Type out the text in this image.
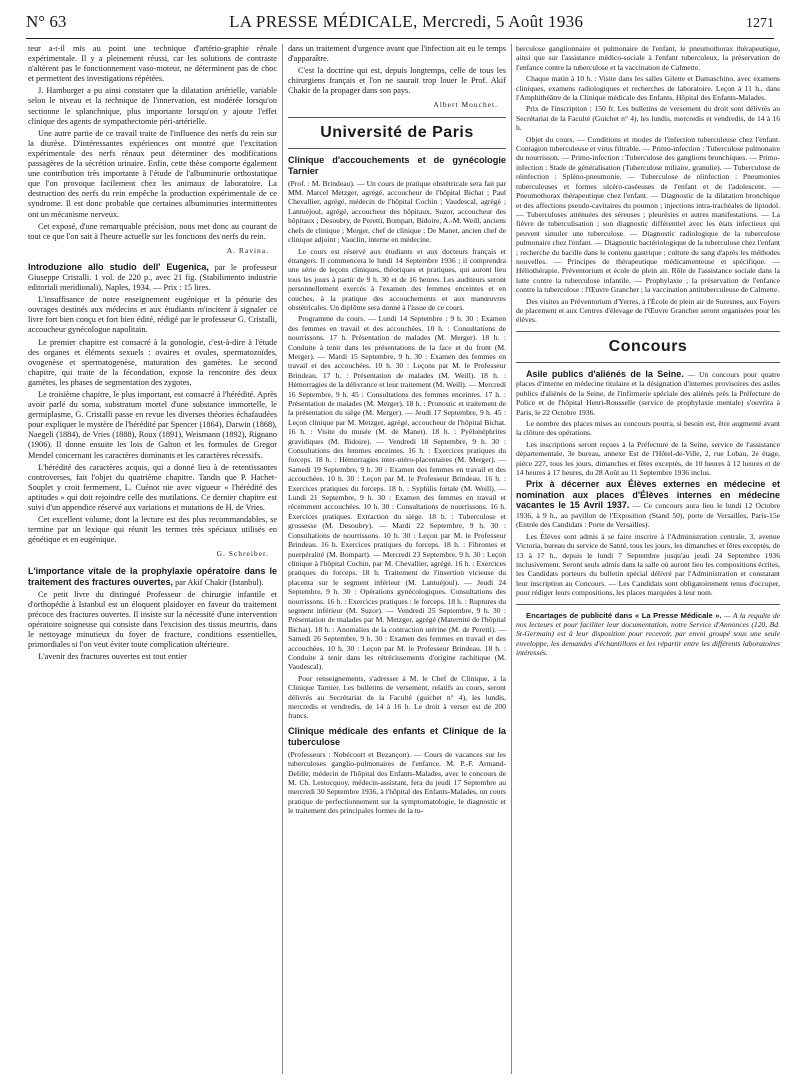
N° 63	LA PRESSE MÉDICALE, Mercredi, 5 Août 1936	1271

teur a-t-il mis au point une technique d'artério-graphie rénale expérimentale. Il y a pleinement réussi, car les solutions de contraste n'altèrent pas le fonctionnement vaso-moteur, ne déterminent pas de choc et permettent des investigations répétées.

J. Hamburger a pu ainsi constater que la dilatation artérielle, variable selon le niveau et la technique de l'innervation, est modérée lorsqu'on sectionne le splanchnique, plus importante lorsqu'on y ajoute l'effet clinique des agents de sympathectomie péri-artérielle.

Une autre partie de ce travail traite de l'influence des nerfs du rein sur la diurèse. D'intéressantes expériences ont montré que l'excitation expérimentale des nerfs rénaux peut déterminer des modifications passagères de la sécrétion urinaire. Enfin, cette thèse comporte également une contribution très importante à l'étude de l'albuminurie orthostatique que l'on provoque facilement chez les animaux de laboratoire. La destruction des nerfs du rein empêche la production expérimentale de ce syndrome. Il est donc probable que certaines albuminuries intermittentes ont un mécanisme nerveux.

Cet exposé, d'une remarquable précision, nous met donc au courant de tout ce que l'on sait à l'heure actuelle sur les fonctions des nerfs du rein.

A. Ravina.

Introduzione allo studio dell' Eugenica, par le professeur Giuseppe Cristalli. 1 vol. de 220 p., avec 21 fig. (Stabilimento industrie editoriali meridionali), Naples, 1934. — Prix : 15 lires.

L'insuffisance de notre enseignement eugénique et la pénurie des ouvrages destinés aux médecins et aux étudiants m'incitent à signaler ce livre fort bien conçu et fort bien édité, rédigé par le professeur G. Cristalli, accoucheur gynécologue napolitain.

Le premier chapitre est consacré à la gonologie, c'est-à-dire à l'étude des organes et éléments sexuels : ovaires et ovules, spermatozoïdes, ovogenèse et spermatogenèse, maturation des gamètes. Le second chapitre, qui traite de la fécondation, expose la rencontre des deux gamètes, les phases de segmentation des zygotes.

Le troisième chapitre, le plus important, est consacré à l'hérédité. Après avoir parlé du soma, substratum mortel d'une substance immortelle, le germiplasme, G. Cristalli passe en revue les diverses théories échafaudées pour expliquer le mystère de l'hérédité par Spencer (1864), Darwin (1868), Naegeli (1884), de Vries (1888), Roux (1891), Weismann (1892), Rignano (1906). Il donne ensuite les lois de Galton et les formules de Gregor Mendel concernant les caractères dominants et les caractères récessifs.

L'hérédité des caractères acquis, qui a donné lieu à de retentissantes controverses, fait l'objet du quatrième chapitre. Tandis que P. Hachet-Souplet y croit fermement, L. Cuénot nie avec vigueur « l'hérédité des aptitudes » qui doit rejoindre celle des mutilations. Ce dernier chapitre est suivi d'un appendice réservé aux variations et mutations de H. de Vries.

Cet excellent volume, dont la lecture est des plus recommandables, se termine par un lexique qui réunit les termes très spéciaux utilisés en génétique et en eugénique.

G. Schreiber.

L'importance vitale de la prophylaxie opératoire dans le traitement des fractures ouvertes, par Akif Chakir (Istanbul).

Ce petit livre du distingué Professeur de chirurgie infantile et d'orthopédie à Istanbul est un éloquent plaidoyer en faveur du traitement précoce des fractures ouvertes. Il insiste sur la nécessité d'une intervention opératoire soigneuse qui consiste dans l'excision des tissus meurtris, dans le nettoyage minutieux du foyer de fracture, conditions essentielles, primordiales si l'on veut éviter toute complication ultérieure.

L'avenir des fractures ouvertes est tout entier

dans un traitement d'urgence avant que l'infection ait eu le temps d'apparaître.

C'est la doctrine qui est, depuis longtemps, celle de tous les chirurgiens français et l'on ne saurait trop louer le Prof. Akif Chakir de la propager dans son pays.

Albert Mouchet.

Université de Paris
Clinique d'accouchements et de gynécologie Tarnier

(Prof. : M. Brindeau). — Un cours de pratique obstétricale sera fait par MM. Marcel Metzger, agrégé, accoucheur de l'hôpital Bichat ; Paul Chevallier, agrégé, médecin de l'hôpital Cochin ; Vaudescal, agrégé ; Lantuéjoul, agrégé, accoucheur des hôpitaux, Suzor, accoucheur des hôpitaux ; Desoubry, de Peretti, Bompart, Bidoire, A.-M. Weill, anciens chefs de clinique ; Merger, chef de clinique ; De Manet, ancien chef de clinique adjoint ; Vauclin, interne en médecine.

Le cours est réservé aux étudiants et aux docteurs français et étrangers. Il commencera le lundi 14 Septembre 1936 ; il comprendra une série de leçons cliniques, théoriques et pratiques, qui auront lieu tous les jours à partir de 9 h. 30 et de 16 heures. Les auditeurs seront personnellement exercés à l'examen des femmes enceintes et en couches, à la pratique des accouchements et aux manœuvres obstétricales. Un diplôme sera donné à l'issue de ce cours.

Programme du cours. — Lundi 14 Septembre : 9 h. 30 : Examen des femmes en travail et des accouchées. 10 h. : Consultations de nourrissons. 17 h. Présentation de malades (M. Merger). 18 h. : Conduite à tenir dans les présentations de la face et du front (M. Merger). — Mardi 15 Septembre, 9 h. 30 : Examen des femmes en travail et des accouchées. 10 h. 30 : Leçons par M. le Professeur Brindeau. 17 h. : Présentation de malades (M. Weill). 18 h. : Hémorragies de la délivrance et leur traitement (M. Weill). — Mercredi 16 Septembre, 9 h. 45 : Consultations des femmes enceintes. 17 h. : Présentation de malades (M. Merger). 18 h. : Pronostic et traitement de la présentation du siège (M. Merger). — Jeudi 17 Septembre, 9 h. 45 : Leçon clinique par M. Metzger, agrégé, accoucheur de l'hôpital Bichat. 16 h. : Visite du musée (M. de Manet). 18 h. : Pyélonéphrites gravidiques (M. Bidoire). — Vendredi 18 Septembre, 9 h. 30 : Consultations des femmes enceintes. 16 h. : Exercices pratiques du forceps. 18 h. : Hémorragies inter-utéro-placentaires (M. Merger). — Samedi 19 Septembre, 9 h. 30 : Examen des femmes en travail et des accouchées. 10 h. 30 : Leçon par M. le Professeur Brindeau. 16 h. : Exercices pratiques du forceps. 18 h. : Syphilis fœtale (M. Weill). — Lundi 21 Septembre, 9 h. 30 : Examen des femmes en travail et récemment accouchées. 10 h. 30 : Consultations de nourrissons. 16 h. Exercices pratiques. Extraction du siège. 18 h. : Tuberculose et grossesse (M. Desoubry). — Mardi 22 Septembre, 9 h. 30 : Consultations de nourrissons. 10 h. 30 : Leçon par M. le Professeur Brindeau. 16 h. Exercices pratiques du forceps. 18 h. : Fibromes et puerpéralité (M. Bompart). — Mercredi 23 Septembre, 9 h. 30 : Leçon clinique à l'hôpital Cochin, par M. Chevallier, agrégé. 16 h. : Exercices pratiques du forceps. 18 h. Traitement de l'insertion vicieuse du placenta sur le segment inférieur (M. Lantuéjoul). — Jeudi 24 Septembre, 9 h. 30 : Opérations gynécologiques. Consultations des nourrissons. 16 h. : Exercices pratiques : le forceps. 18 h. : Ruptures du segment inférieur (M. Suzor). — Vendredi 25 Septembre, 9 h. 30 : Présentation de malades par M. Metzger, agrégé (Maternité de l'hôpital Bichat). 18 h. : Anomalies de la contraction utérine (M. de Peretti). — Samedi 26 Septembre, 9 h. 30 : Examen des femmes en travail et des accouchées. 10 h. 30 : Leçon par M. le Professeur Brindeau. 18 h. : Conduite à tenir dans les rétrécissements d'origine rachitique (M. Vaudescal).

Pour renseignements, s'adresser à M. le Chef de Clinique, à la Clinique Tarnier. Les bulletins de versement, relatifs au cours, seront délivrés au Secrétariat de la Faculté (guichet n° 4), les lundis, mercredis et vendredis, de 14 à 16 h. Le droit à verser est de 200 francs.

Clinique médicale des enfants et Clinique de la tuberculose

(Professeurs : Nobécourt et Bezançon). — Cours de vacances sur les tuberculoses ganglio-pulmonaires de l'enfance. M. P.-F. Armand-Delille, médecin de l'hôpital des Enfants-Malades, avec le concours de M. Ch. Lestocquoy, médecin-assistant, fera du jeudi 17 Septembre au mercredi 30 Septembre 1936, à l'hôpital des Enfants-Malades, un cours pratique de perfectionnement sur la symptomatologie, le diagnostic et le traitement des principales formes de la tu-

berculose ganglionnaire et pulmonaire de l'enfant, le pneumothorax thérapeutique, ainsi que sur l'assistance médico-sociale à l'enfant tuberculeux, la préservation de l'enfance contre la tuberculose et la vaccination de Calmette.

Chaque matin à 10 h. : Visite dans les salles Gilette et Damaschino, avec examens cliniques, examens radiologiques et recherches de laboratoire. Leçon à 11 h., dans l'Amphithéâtre de la Clinique médicale des Enfants, Hôpital des Enfants-Malades.

Prix de l'inscription : 150 fr. Les bulletins de versement du droit sont délivrés au Secrétariat de la Faculté (Guichet n° 4), les lundis, mercredis et vendredis, de 14 à 16 h.

Objet du cours. — Conditions et modes de l'infection tuberculeuse chez l'enfant. Contagion tuberculeuse et virus filtrable. — Primo-infection : Tuberculose pulmonaire du nourrisson. — Primo-infection : Tuberculose des ganglions bronchiques. — Primo-infection : Stade de généralisation (Tuberculose miliaire, granulie). — Tuberculose de réinfection : Spléno-pneumonie. — Tuberculose de réinfection : Pneumonies tuberculeuses et formes ulcéro-caséeuses de l'enfant et de l'adolescent. — Pneumothorax thérapeutique chez l'enfant. — Diagnostic de la dilatation bronchique et des affections pseudo-cavitaires du poumon ; injections intra-trachéales de lipiodol. — Tuberculoses atténuées des séreuses ; pleurésies et autres manifestations. — La fièvre de tuberculisation ; son diagnostic différentiel avec les états infectieux qui peuvent simuler une tuberculose. — Diagnostic radiologique de la tuberculose pulmonaire chez l'enfant. — Diagnostic bactériologique de la tuberculose chez l'enfant ; recherche du bacille dans le contenu gastrique ; culture du sang d'après les méthodes nouvelles. — Principes de thérapeutique médicamenteuse et spécifique. — Héliothérapie. Préventorium et école de plein air. Rôle de l'assistance sociale dans la lutte contre la tuberculose infantile. — Prophylaxie ; la préservation de l'enfance contre la tuberculose : l'Œuvre Grancher ; la vaccination antituberculeuse de Calmette.

Des visites au Préventorium d'Yerres, à l'École de plein air de Suresnes, aux Foyers de placement et aux Centres d'élevage de l'Œuvre Grancher seront organisées pour les élèves.

Concours

Asile publics d'aliénés de la Seine. — Un concours pour quatre places d'interne en médecine titulaire et la désignation d'internes provisoires des asiles publics d'aliénés de la Seine, de l'infirmerie spéciale des aliénés près la Préfecture de Police et de l'hôpital Henri-Rousselle (service de prophylaxie mentale) s'ouvrira à Paris, le 22 Octobre 1936.

Le nombre des places mises au concours pourra, si besoin est, être augmenté avant la clôture des opérations.

Les inscriptions seront reçues à la Préfecture de la Seine, service de l'assistance départementale, 3e bureau, annexe Est de l'Hôtel-de-Ville, 2, rue Lobau, 2e étage, pièce 227, tous les jours, dimanches et fêtes exceptés, de 10 heures à 12 heures et de 14 heures à 17 heures, du 28 Août au 11 Septembre 1936 inclus.

Prix à décerner aux Élèves externes en médecine et nomination aux places d'Élèves internes en médecine vacantes le 15 Avril 1937. — Ce concours aura lieu le lundi 12 Octobre 1936, à 9 h., au pavillon de l'Exposition (Stand 50), porte de Versailles, Paris-15e (Entrée des Candidats : Porte de Versailles).

Les Élèves sont admis à se faire inscrire à l'Administration centrale, 3, avenue Victoria, bureau du service de Santé, tous les jours, les dimanches et fêtes exceptés, de 13 à 17 h., depuis le lundi 7 Septembre jusqu'au jeudi 24 Septembre 1936 inclusivement. Seront seuls admis dans la salle où auront lieu les compositions écrites, les Candidats porteurs du bulletin spécial délivré par l'Administration et constatant leur inscription au Concours. — Les Candidats sont obligatoirement tenus d'occuper, pour rédiger leurs compositions, les places marquées à leur nom.

Encartages de publicité dans « La Presse Médicale ». — A la requête de nos lecteurs et pour faciliter leur documentation, notre Service d'Annonces (120, Bd. St-Germain) est à leur disposition pour recevoir, par envoi groupé sous une seule enveloppe, les demandes d'échantillons et les répartir entre les différents laboratoires intéressés.
